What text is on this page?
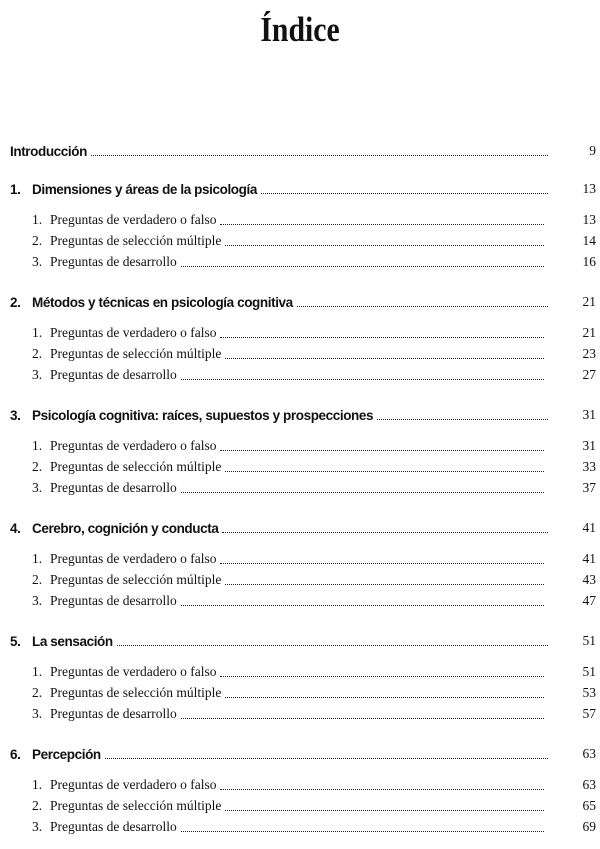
Índice
Introducción	9
1. Dimensiones y áreas de la psicología	13
1. Preguntas de verdadero o falso	13
2. Preguntas de selección múltiple	14
3. Preguntas de desarrollo	16
2. Métodos y técnicas en psicología cognitiva	21
1. Preguntas de verdadero o falso	21
2. Preguntas de selección múltiple	23
3. Preguntas de desarrollo	27
3. Psicología cognitiva: raíces, supuestos y prospecciones	31
1. Preguntas de verdadero o falso	31
2. Preguntas de selección múltiple	33
3. Preguntas de desarrollo	37
4. Cerebro, cognición y conducta	41
1. Preguntas de verdadero o falso	41
2. Preguntas de selección múltiple	43
3. Preguntas de desarrollo	47
5. La sensación	51
1. Preguntas de verdadero o falso	51
2. Preguntas de selección múltiple	53
3. Preguntas de desarrollo	57
6. Percepción	63
1. Preguntas de verdadero o falso	63
2. Preguntas de selección múltiple	65
3. Preguntas de desarrollo	69
